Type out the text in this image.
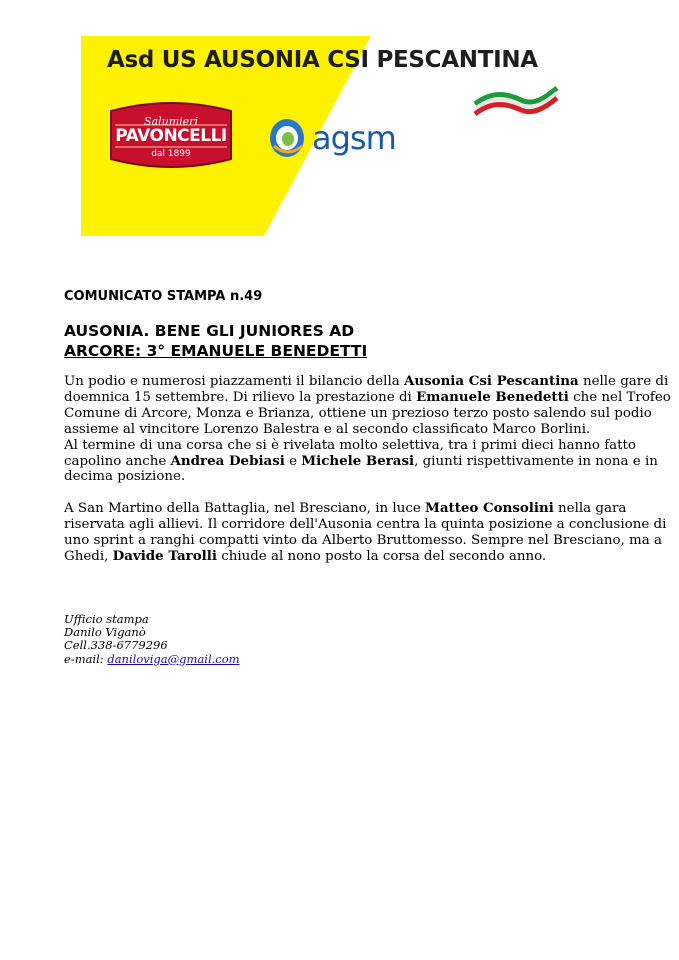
Asd US AUSONIA CSI PESCANTINA
Salumieri
PAVONCELLI
dal 1899	agsm
COMUNICATO STAMPA n.49
AUSONIA. BENE GLI JUNIORES AD
ARCORE: 3° EMANUELE BENEDETTI
Un podio e numerosi piazzamenti il bilancio della Ausonia Csi Pescantina nelle gare di
doemnica 15 settembre. Di rilievo la prestazione di Emanuele Benedetti che nel Trofeo
Comune di Arcore, Monza e Brianza, ottiene un prezioso terzo posto salendo sul podio
assieme al vincitore Lorenzo Balestra e al secondo classificato Marco Borlini.
Al termine di una corsa che si è rivelata molto selettiva, tra i primi dieci hanno fatto
capolino anche Andrea Debiasi e Michele Berasi, giunti rispettivamente in nona e in
decima posizione.
A San Martino della Battaglia, nel Bresciano, in luce Matteo Consolini nella gara
riservata agli allievi. Il corridore dell'Ausonia centra la quinta posizione a conclusione di
uno sprint a ranghi compatti vinto da Alberto Bruttomesso. Sempre nel Bresciano, ma a
Ghedi, Davide Tarolli chiude al nono posto la corsa del secondo anno.
Ufficio stampa
Danilo Viganò
Cell.338-6779296
e-mail: daniloviga@gmail.com
